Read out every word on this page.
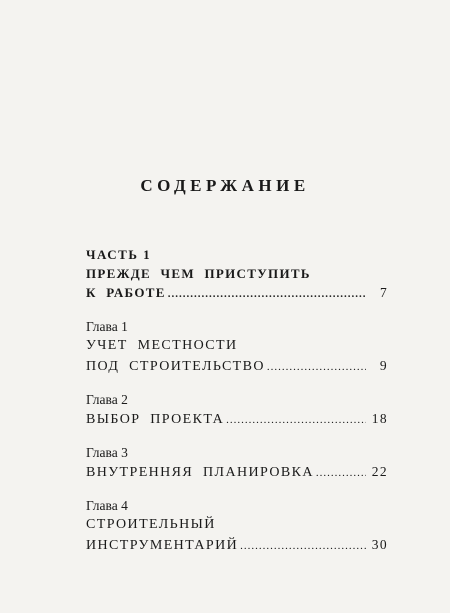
СОДЕРЖАНИЕ
ЧАСТЬ 1
ПРЕЖДЕ ЧЕМ ПРИСТУПИТЬ
К РАБОТЕ .....	7
Глава 1
УЧЕТ МЕСТНОСТИ
ПОД СТРОИТЕЛЬСТВО .....	9
Глава 2
ВЫБОР ПРОЕКТА .....	18
Глава 3
ВНУТРЕННЯЯ ПЛАНИРОВКА .....	22
Глава 4
СТРОИТЕЛЬНЫЙ
ИНСТРУМЕНТАРИЙ .....	30
